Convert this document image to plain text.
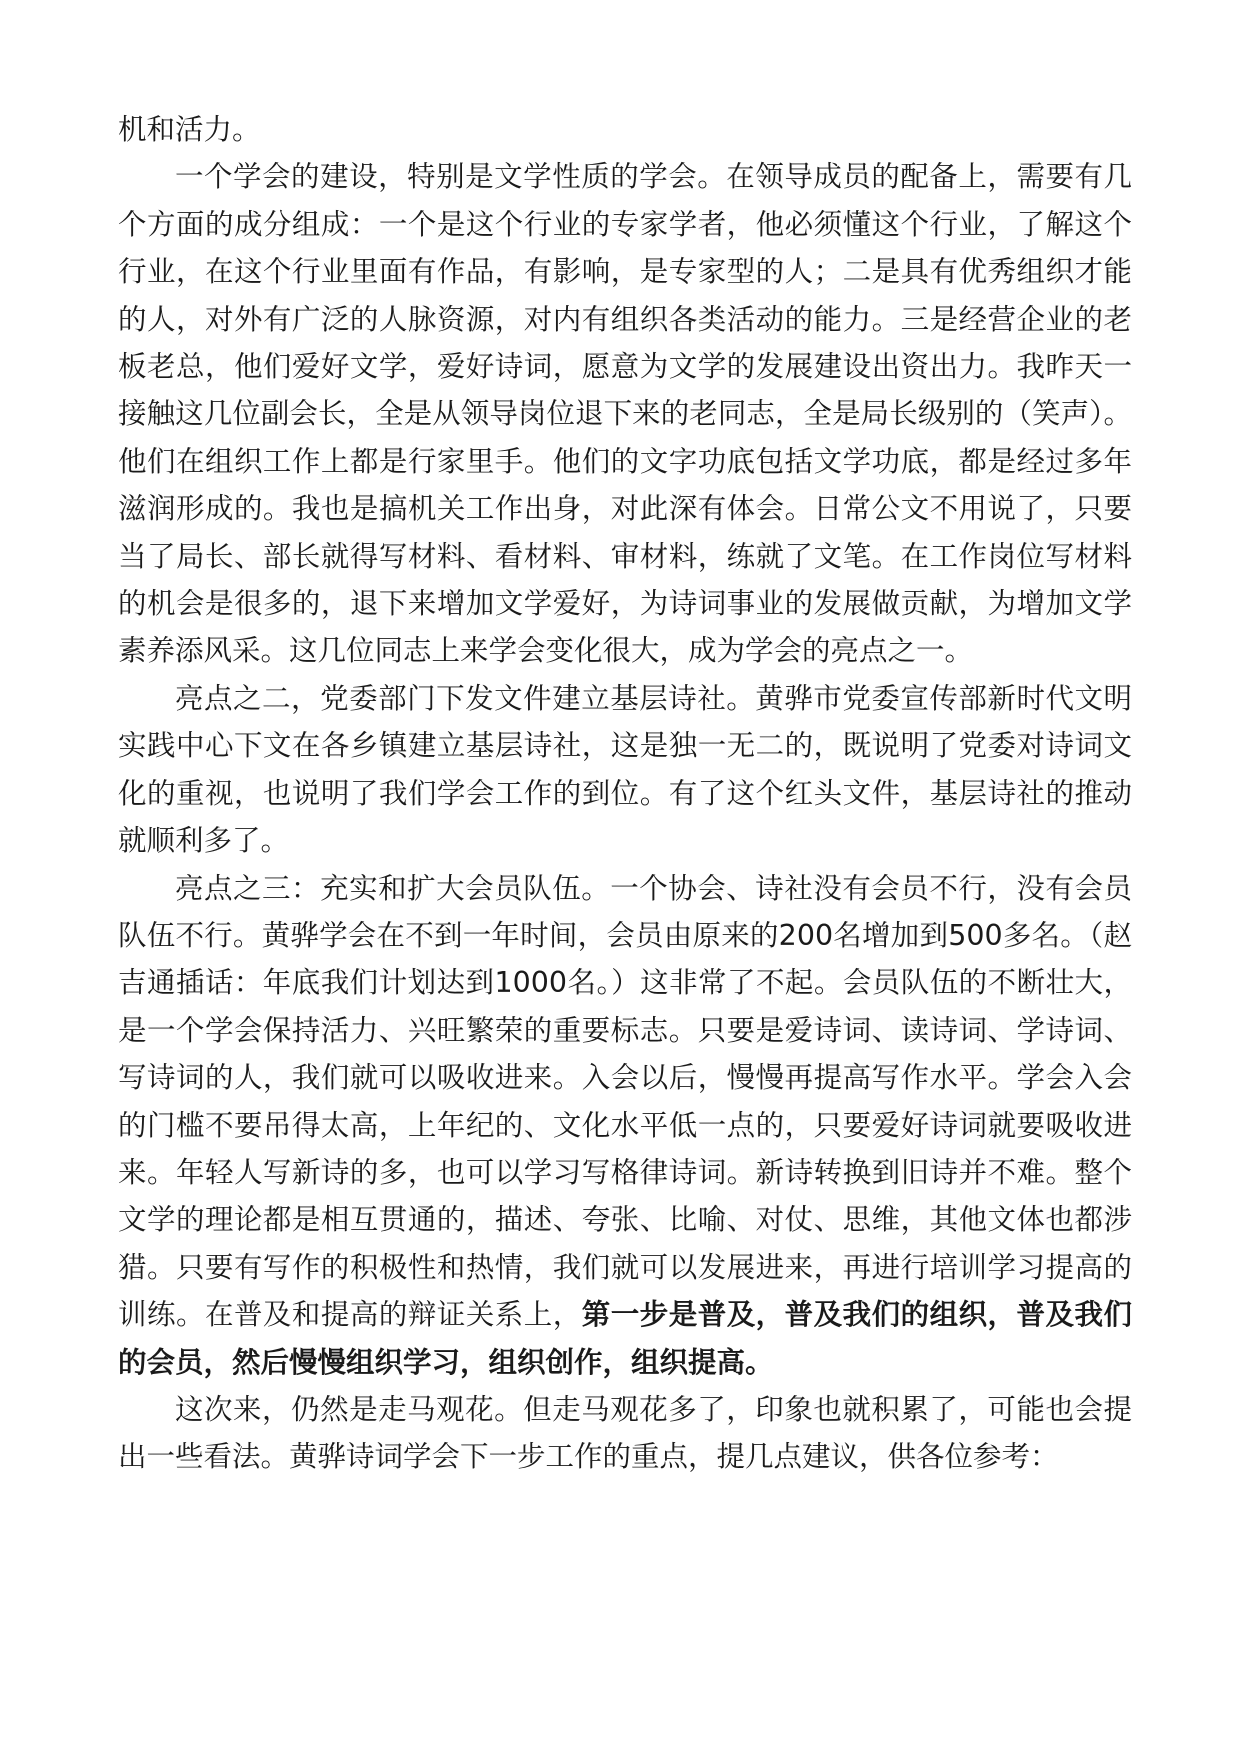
机和活力。

一个学会的建设，特别是文学性质的学会。在领导成员的配备上，需要有几个方面的成分组成：一个是这个行业的专家学者，他必须懂这个行业，了解这个行业，在这个行业里面有作品，有影响，是专家型的人；二是具有优秀组织才能的人，对外有广泛的人脉资源，对内有组织各类活动的能力。三是经营企业的老板老总，他们爱好文学，爱好诗词，愿意为文学的发展建设出资出力。我昨天一接触这几位副会长，全是从领导岗位退下来的老同志，全是局长级别的（笑声）。他们在组织工作上都是行家里手。他们的文字功底包括文学功底，都是经过多年滋润形成的。我也是搞机关工作出身，对此深有体会。日常公文不用说了，只要当了局长、部长就得写材料、看材料、审材料，练就了文笔。在工作岗位写材料的机会是很多的，退下来增加文学爱好，为诗词事业的发展做贡献，为增加文学素养添风采。这几位同志上来学会变化很大，成为学会的亮点之一。

亮点之二，党委部门下发文件建立基层诗社。黄骅市党委宣传部新时代文明实践中心下文在各乡镇建立基层诗社，这是独一无二的，既说明了党委对诗词文化的重视，也说明了我们学会工作的到位。有了这个红头文件，基层诗社的推动就顺利多了。

亮点之三：充实和扩大会员队伍。一个协会、诗社没有会员不行，没有会员队伍不行。黄骅学会在不到一年时间，会员由原来的200名增加到500多名。（赵吉通插话：年底我们计划达到1000名。）这非常了不起。会员队伍的不断壮大，是一个学会保持活力、兴旺繁荣的重要标志。只要是爱诗词、读诗词、学诗词、写诗词的人，我们就可以吸收进来。入会以后，慢慢再提高写作水平。学会入会的门槛不要吊得太高，上年纪的、文化水平低一点的，只要爱好诗词就要吸收进来。年轻人写新诗的多，也可以学习写格律诗词。新诗转换到旧诗并不难。整个文学的理论都是相互贯通的，描述、夸张、比喻、对仗、思维，其他文体也都涉猎。只要有写作的积极性和热情，我们就可以发展进来，再进行培训学习提高的训练。在普及和提高的辩证关系上，第一步是普及，普及我们的组织，普及我们的会员，然后慢慢组织学习，组织创作，组织提高。

这次来，仍然是走马观花。但走马观花多了，印象也就积累了，可能也会提出一些看法。黄骅诗词学会下一步工作的重点，提几点建议，供各位参考：
